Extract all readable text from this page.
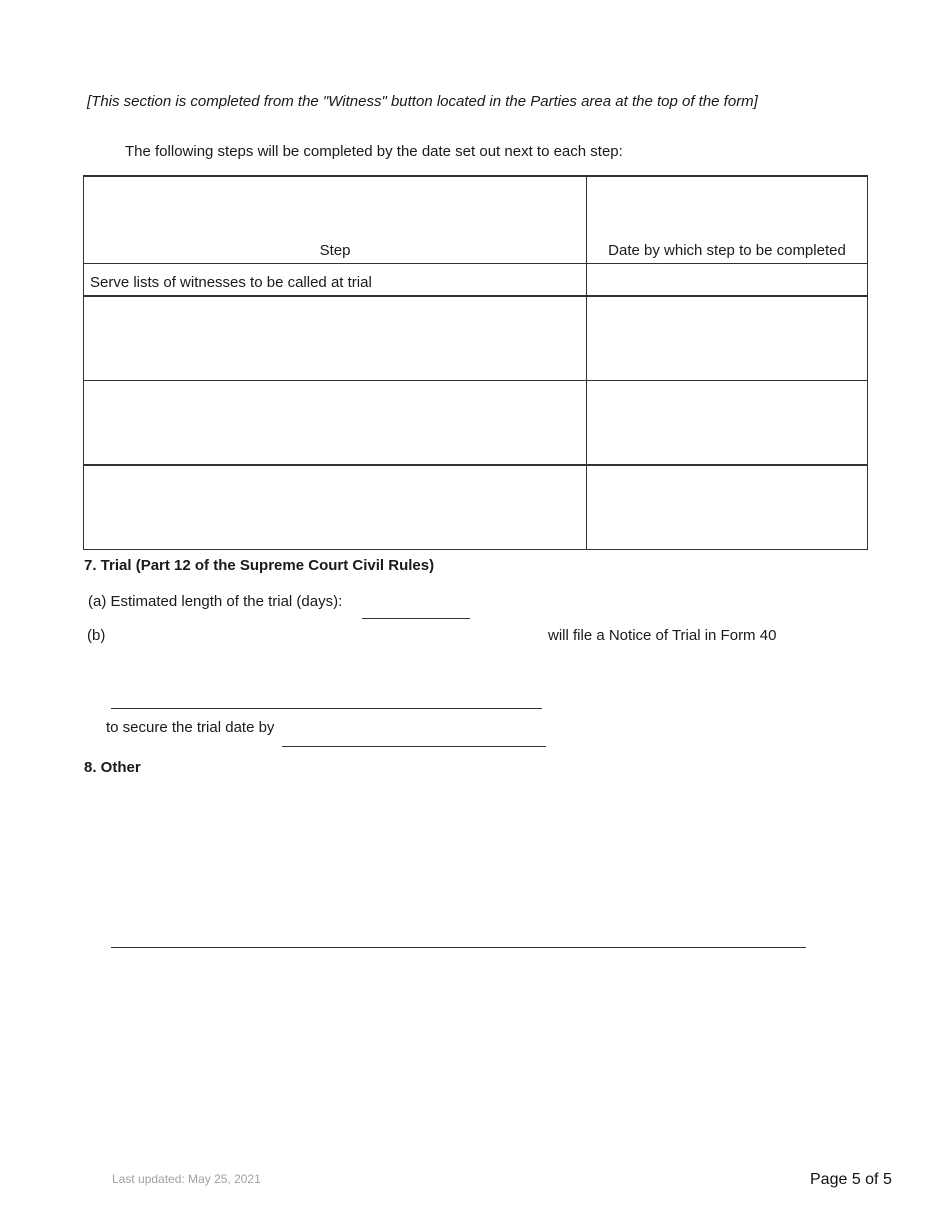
[This section is completed from the "Witness" button located in the Parties area at the top of the form]
The following steps will be completed by the date set out next to each step:
Step	Date by which step to be completed
Serve lists of witnesses to be called at trial	

7. Trial (Part 12 of the Supreme Court Civil Rules)
(a) Estimated length of the trial (days):
(b)	will file a Notice of Trial in Form 40
to secure the trial date by
8. Other
Last updated: May 25, 2021	Page 5 of 5
